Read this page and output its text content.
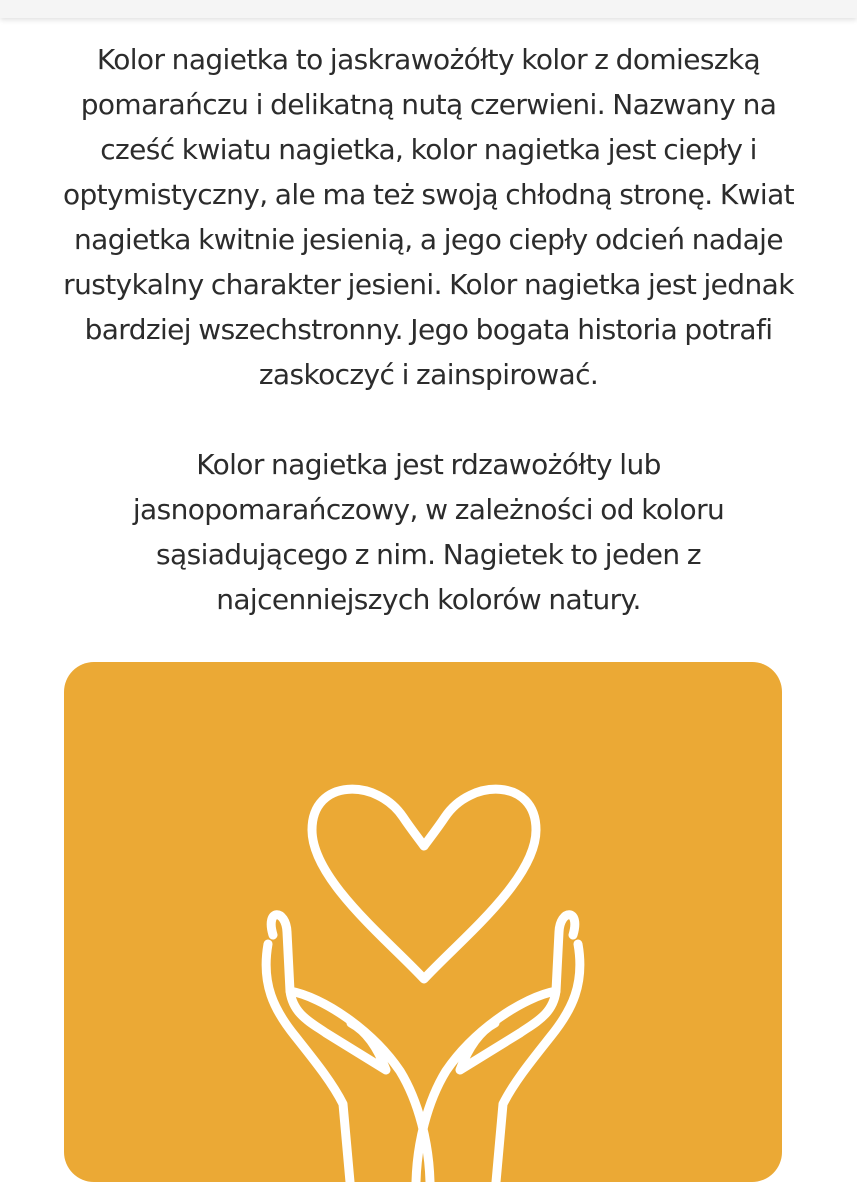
Kolor nagietka to jaskrawożółty kolor z domieszką pomarańczu i delikatną nutą czerwieni. Nazwany na cześć kwiatu nagietka, kolor nagietka jest ciepły i optymistyczny, ale ma też swoją chłodną stronę. Kwiat nagietka kwitnie jesienią, a jego ciepły odcień nadaje rustykalny charakter jesieni. Kolor nagietka jest jednak bardziej wszechstronny. Jego bogata historia potrafi zaskoczyć i zainspirować.

Kolor nagietka jest rdzawożółty lub jasnopomarańczowy, w zależności od koloru sąsiadującego z nim. Nagietek to jeden z najcenniejszych kolorów natury.
